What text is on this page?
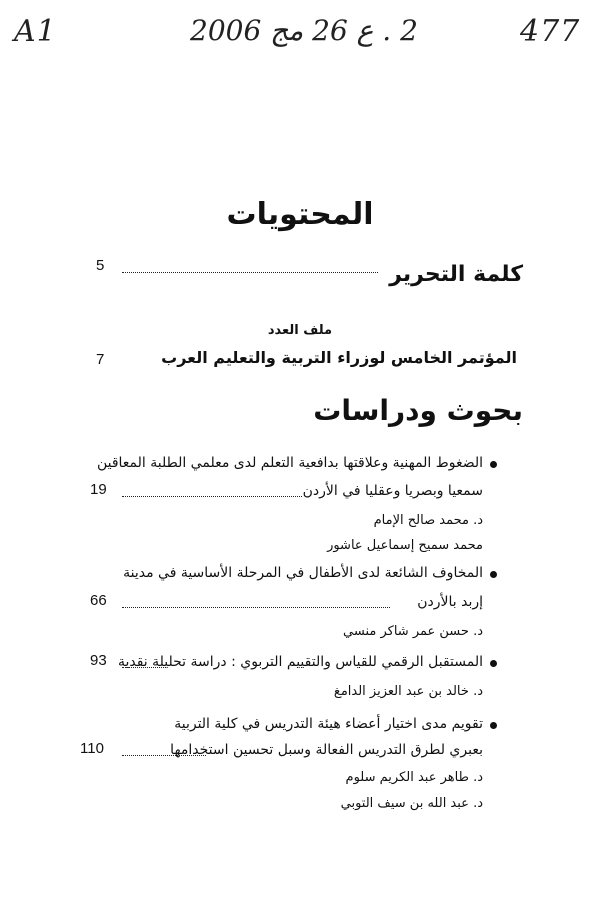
A1	2 . ع 26 مج 2006	477
المحتويات
كلمة التحرير
5
ملف العدد
المؤتمر الخامس لوزراء التربية والتعليم العرب
7
بحوث ودراسات
الضغوط المهنية وعلاقتها بدافعية التعلم لدى معلمي الطلبة المعاقين
سمعيا وبصريا وعقليا في الأردن
19
د. محمد صالح الإمام
محمد سميح إسماعيل عاشور
المخاوف الشائعة لدى الأطفال في المرحلة الأساسية في مدينة
إربد بالأردن
66
د. حسن عمر شاكر منسي
المستقبل الرقمي للقياس والتقييم التربوي : دراسة تحليلة نقدية
93
د. خالد بن عبد العزيز الدامغ
تقويم مدى اختيار أعضاء هيئة التدريس في كلية التربية
بعبري لطرق التدريس الفعالة وسبل تحسين استخدامها
110
د. طاهر عبد الكريم سلوم
د. عبد الله بن سيف التوبي
